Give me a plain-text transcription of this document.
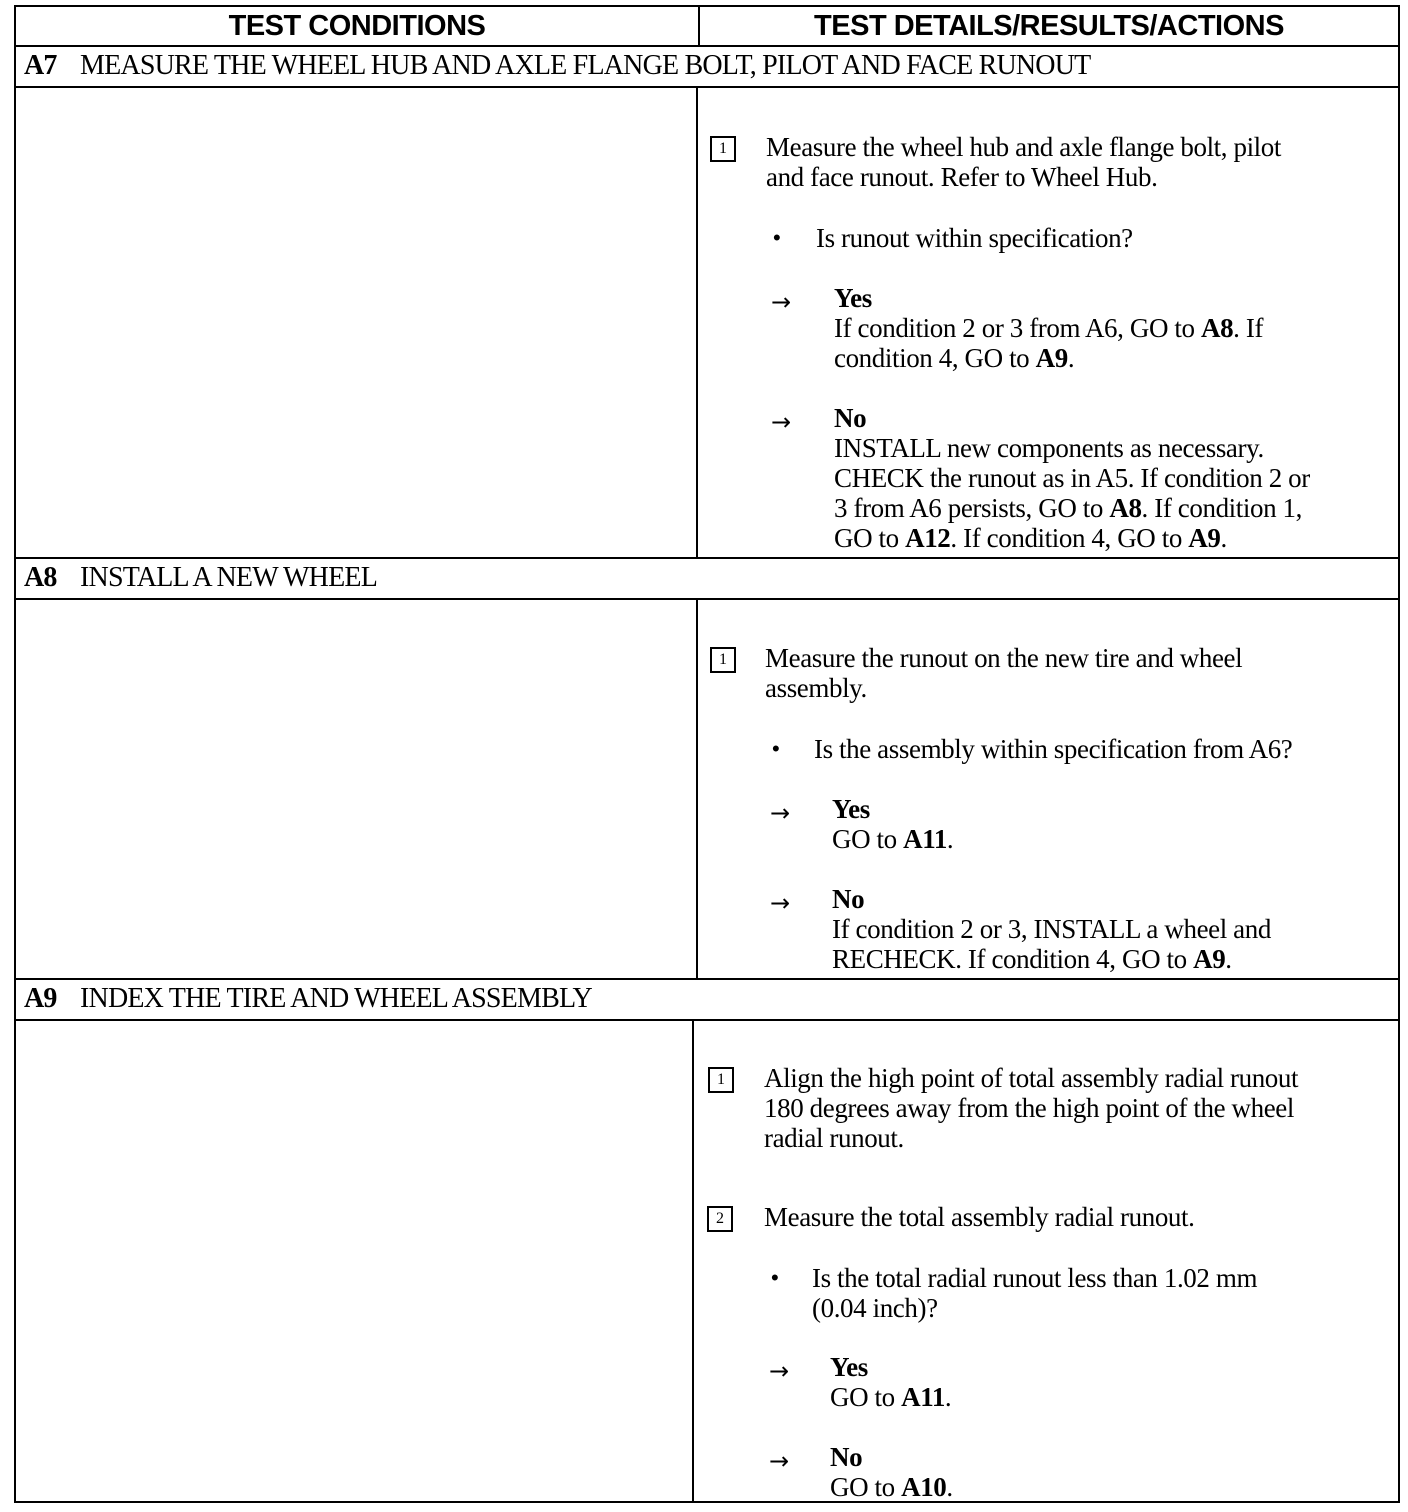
TEST CONDITIONS	TEST DETAILS/RESULTS/ACTIONS
A7 MEASURE THE WHEEL HUB AND AXLE FLANGE BOLT, PILOT AND FACE RUNOUT
1	Measure the wheel hub and axle flange bolt, pilot
and face runout. Refer to Wheel Hub.
• Is runout within specification?
→ Yes
If condition 2 or 3 from A6, GO to A8. If
condition 4, GO to A9.
→ No
INSTALL new components as necessary.
CHECK the runout as in A5. If condition 2 or
3 from A6 persists, GO to A8. If condition 1,
GO to A12. If condition 4, GO to A9.
A8 INSTALL A NEW WHEEL
1	Measure the runout on the new tire and wheel
assembly.
• Is the assembly within specification from A6?
→ Yes
GO to A11.
→ No
If condition 2 or 3, INSTALL a wheel and
RECHECK. If condition 4, GO to A9.
A9 INDEX THE TIRE AND WHEEL ASSEMBLY
1	Align the high point of total assembly radial runout
180 degrees away from the high point of the wheel
radial runout.
2	Measure the total assembly radial runout.
• Is the total radial runout less than 1.02 mm
(0.04 inch)?
→ Yes
GO to A11.
→ No
GO to A10.
